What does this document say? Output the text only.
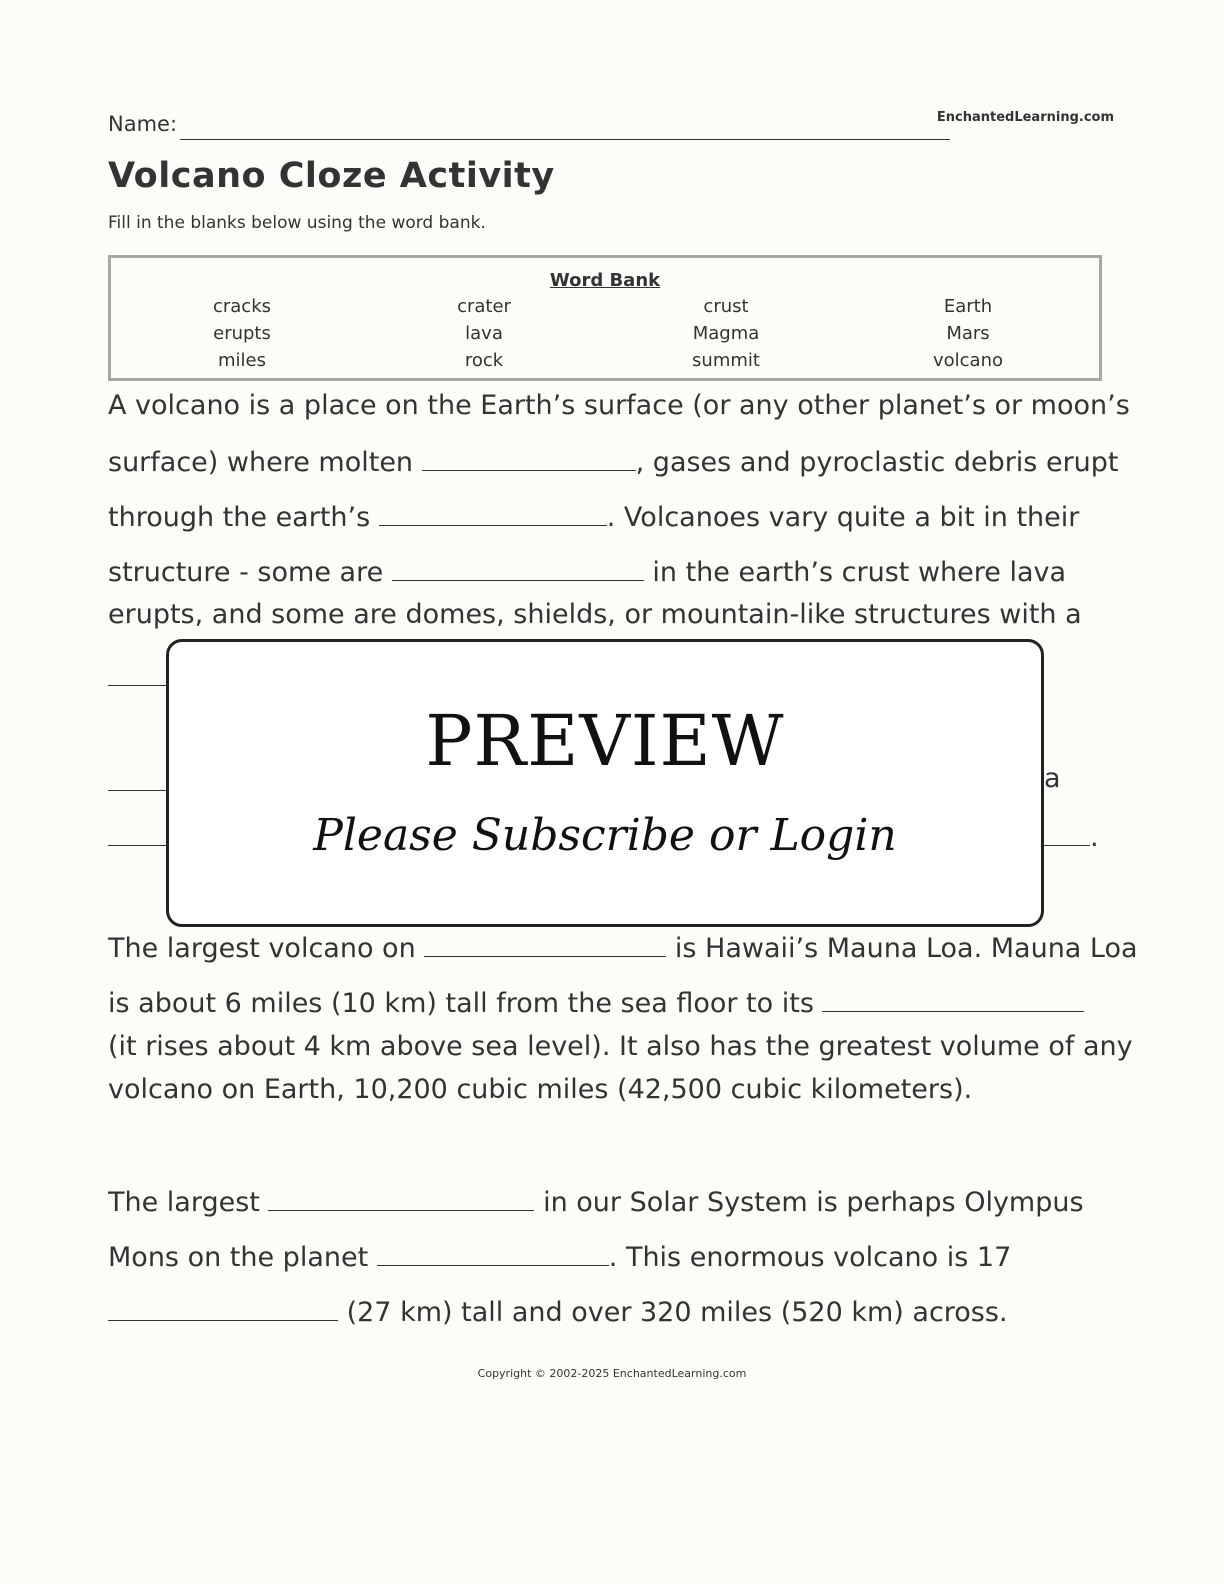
Name:	EnchantedLearning.com
Volcano Cloze Activity
Fill in the blanks below using the word bank.
Word Bank
cracks	crater	crust	Earth
erupts	lava	Magma	Mars
miles	rock	summit	volcano
A volcano is a place on the Earth’s surface (or any other planet’s or moon’s
surface) where molten	, gases and pyroclastic debris erupt
through the earth’s	. Volcanoes vary quite a bit in their
structure - some are	in the earth’s crust where lava
erupts, and some are domes, shields, or mountain-like structures with a
a
.
PREVIEW
Please Subscribe or Login
The largest volcano on	is Hawaii’s Mauna Loa. Mauna Loa
is about 6 miles (10 km) tall from the sea floor to its
(it rises about 4 km above sea level). It also has the greatest volume of any
volcano on Earth, 10,200 cubic miles (42,500 cubic kilometers).
The largest	in our Solar System is perhaps Olympus
Mons on the planet	. This enormous volcano is 17
(27 km) tall and over 320 miles (520 km) across.
Copyright © 2002-2025 EnchantedLearning.com
